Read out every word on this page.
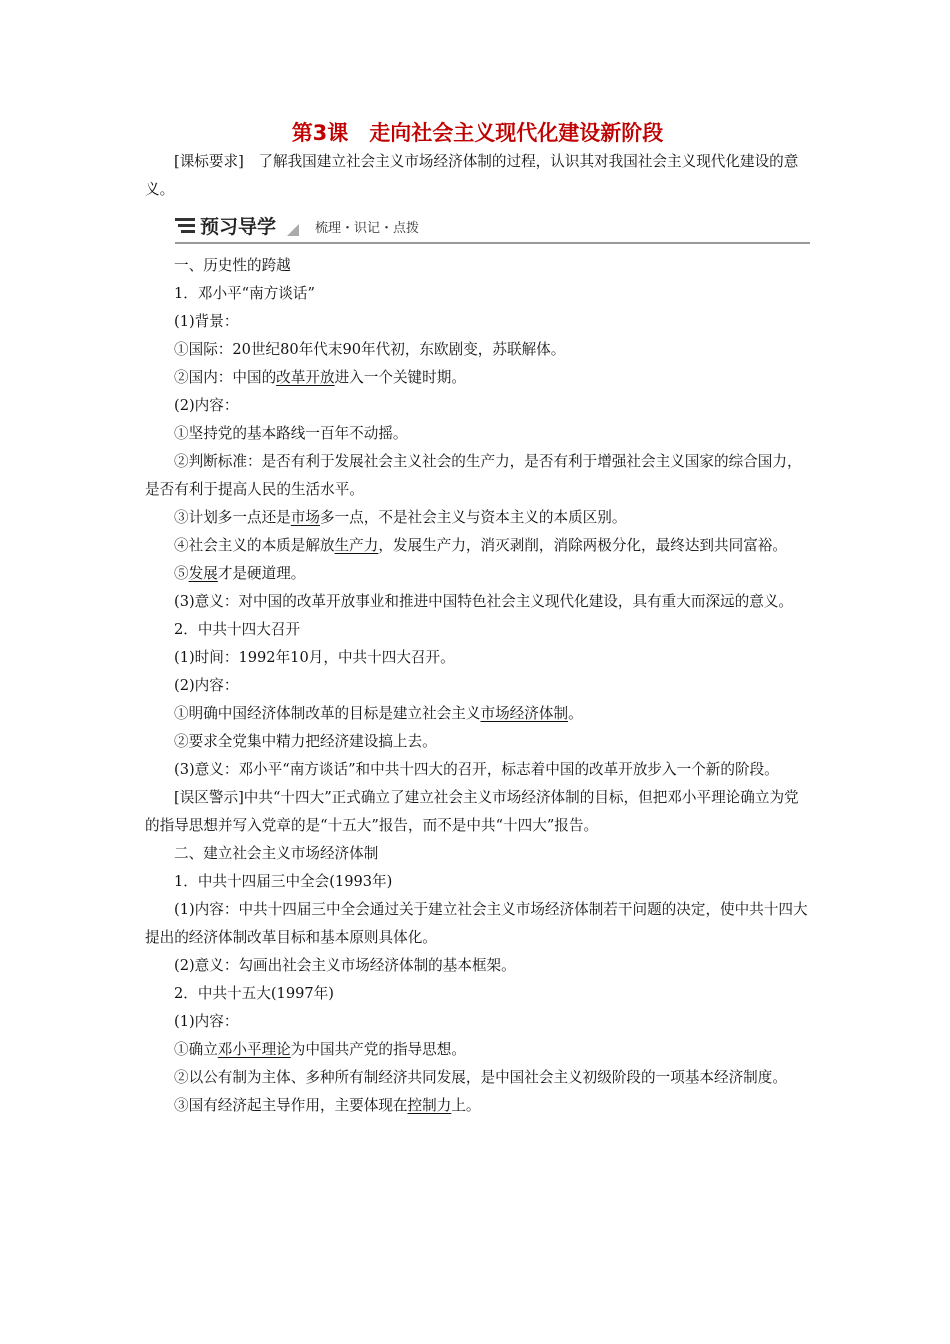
第3课　走向社会主义现代化建设新阶段

[课标要求]　 了解我国建立社会主义市场经济体制的过程，认识其对我国社会主义现代化建设的意义。

预习导学	梳理・识记・点拨

一、历史性的跨越

1．邓小平“南方谈话”

(1)背景：

①国际：20世纪80年代末90年代初，东欧剧变，苏联解体。

②国内：中国的改革开放进入一个关键时期。

(2)内容：

①坚持党的基本路线一百年不动摇。

②判断标准：是否有利于发展社会主义社会的生产力，是否有利于增强社会主义国家的综合国力，是否有利于提高人民的生活水平。

③计划多一点还是市场多一点，不是社会主义与资本主义的本质区别。

④社会主义的本质是解放生产力，发展生产力，消灭剥削，消除两极分化，最终达到共同富裕。

⑤发展才是硬道理。

(3)意义：对中国的改革开放事业和推进中国特色社会主义现代化建设，具有重大而深远的意义。

2．中共十四大召开

(1)时间：1992年10月，中共十四大召开。

(2)内容：

①明确中国经济体制改革的目标是建立社会主义市场经济体制。

②要求全党集中精力把经济建设搞上去。

(3)意义：邓小平“南方谈话”和中共十四大的召开，标志着中国的改革开放步入一个新的阶段。

[误区警示]中共“十四大”正式确立了建立社会主义市场经济体制的目标，但把邓小平理论确立为党的指导思想并写入党章的是“十五大”报告，而不是中共“十四大”报告。

二、建立社会主义市场经济体制

1．中共十四届三中全会(1993年)

(1)内容：中共十四届三中全会通过关于建立社会主义市场经济体制若干问题的决定，使中共十四大提出的经济体制改革目标和基本原则具体化。

(2)意义：勾画出社会主义市场经济体制的基本框架。

2．中共十五大(1997年)

(1)内容：

①确立邓小平理论为中国共产党的指导思想。

②以公有制为主体、多种所有制经济共同发展，是中国社会主义初级阶段的一项基本经济制度。

③国有经济起主导作用，主要体现在控制力上。
